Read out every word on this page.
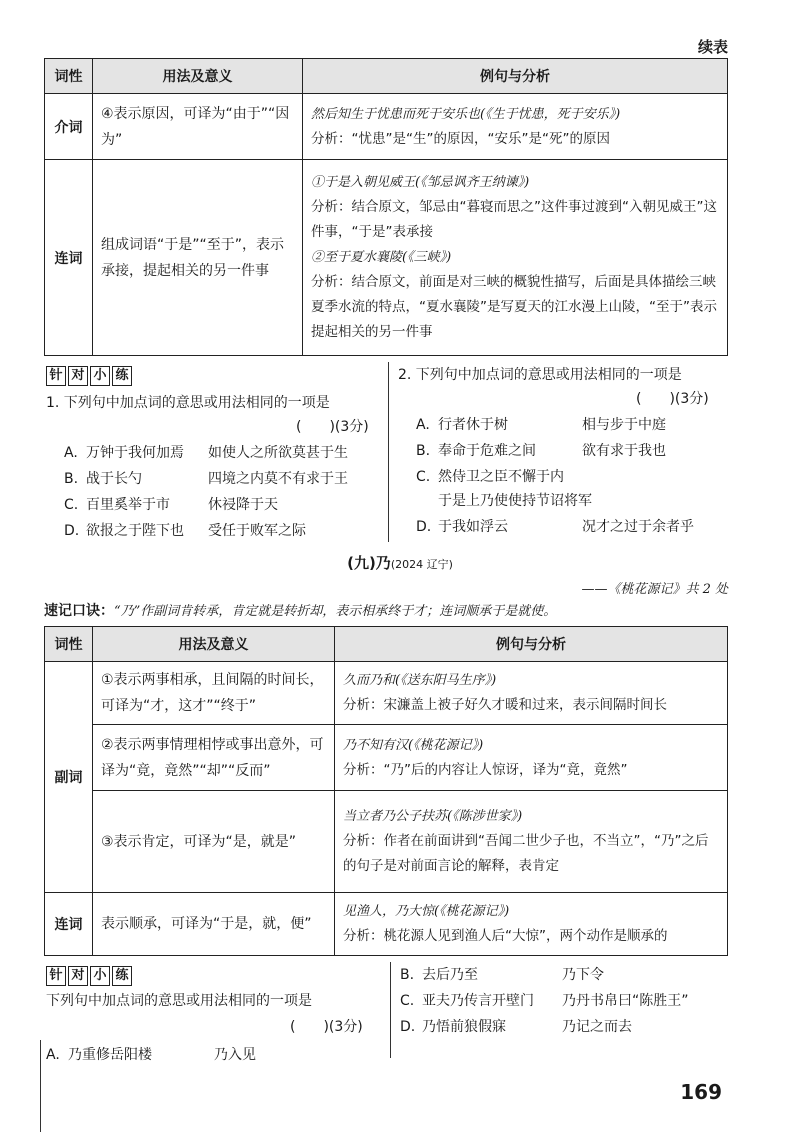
续表
词性	用法及意义	例句与分析
介词	④表示原因，可译为“由于”“因为”	然后知生于忧患而死于安乐也(《生于忧患，死于安乐》)
分析：“忧患”是“生”的原因，“安乐”是“死”的原因

连词	组成词语“于是”“至于”，表示承接，提起相关的另一件事	①于是入朝见威王(《邹忌讽齐王纳谏》)
分析：结合原文，邹忌由“暮寝而思之”这件事过渡到“入朝见威王”这件事，“于是”表承接
②至于夏水襄陵(《三峡》)
分析：结合原文，前面是对三峡的概貌性描写，后面是具体描绘三峡夏季水流的特点，“夏水襄陵”是写夏天的江水漫上山陵，“至于”表示提起相关的另一件事
针 对 小 练
1. 下列句中加点词的意思或用法相同的一项是
(　　)(3分)
A. 万钟于我何加焉 如使人之所欲莫甚于生
B. 战于长勺	四境之内莫不有求于王
C. 百里奚举于市	休祲降于天
D. 欲报之于陛下也 受任于败军之际
2. 下列句中加点词的意思或用法相同的一项是
(　　)(3分)
A. 行者休于树	相与步于中庭
B. 奉命于危难之间	欲有求于我也
C. 然侍卫之臣不懈于内
于是上乃使使持节诏将军
D. 于我如浮云	况才之过于余者乎
(九)乃(2024 辽宁)
——《桃花源记》共 2 处
速记口诀：“乃”作副词肯转承，肯定就是转折却，表示相承终于才；连词顺承于是就使。
词性	用法及意义	例句与分析
副词	①表示两事相承，且间隔的时间长，可译为“才，这才”“终于”	久而乃和(《送东阳马生序》)
分析：宋濂盖上被子好久才暖和过来，表示间隔时间长

	②表示两事情理相悖或事出意外，可译为“竟，竟然”“却”“反而”	乃不知有汉(《桃花源记》)
分析：“乃”后的内容让人惊讶，译为“竟，竟然”

	③表示肯定，可译为“是，就是”	当立者乃公子扶苏(《陈涉世家》)
分析：作者在前面讲到“吾闻二世少子也，不当立”，“乃”之后的句子是对前面言论的解释，表肯定

连词	表示顺承，可译为“于是，就，便”	见渔人，乃大惊(《桃花源记》)
分析：桃花源人见到渔人后“大惊”，两个动作是顺承的
针 对 小 练
下列句中加点词的意思或用法相同的一项是
(　　)(3分)
A. 乃重修岳阳楼	乃入见
B. 去后乃至	乃下令
C. 亚夫乃传言开壁门 乃丹书帛曰“陈胜王”
D. 乃悟前狼假寐	乃记之而去
169
